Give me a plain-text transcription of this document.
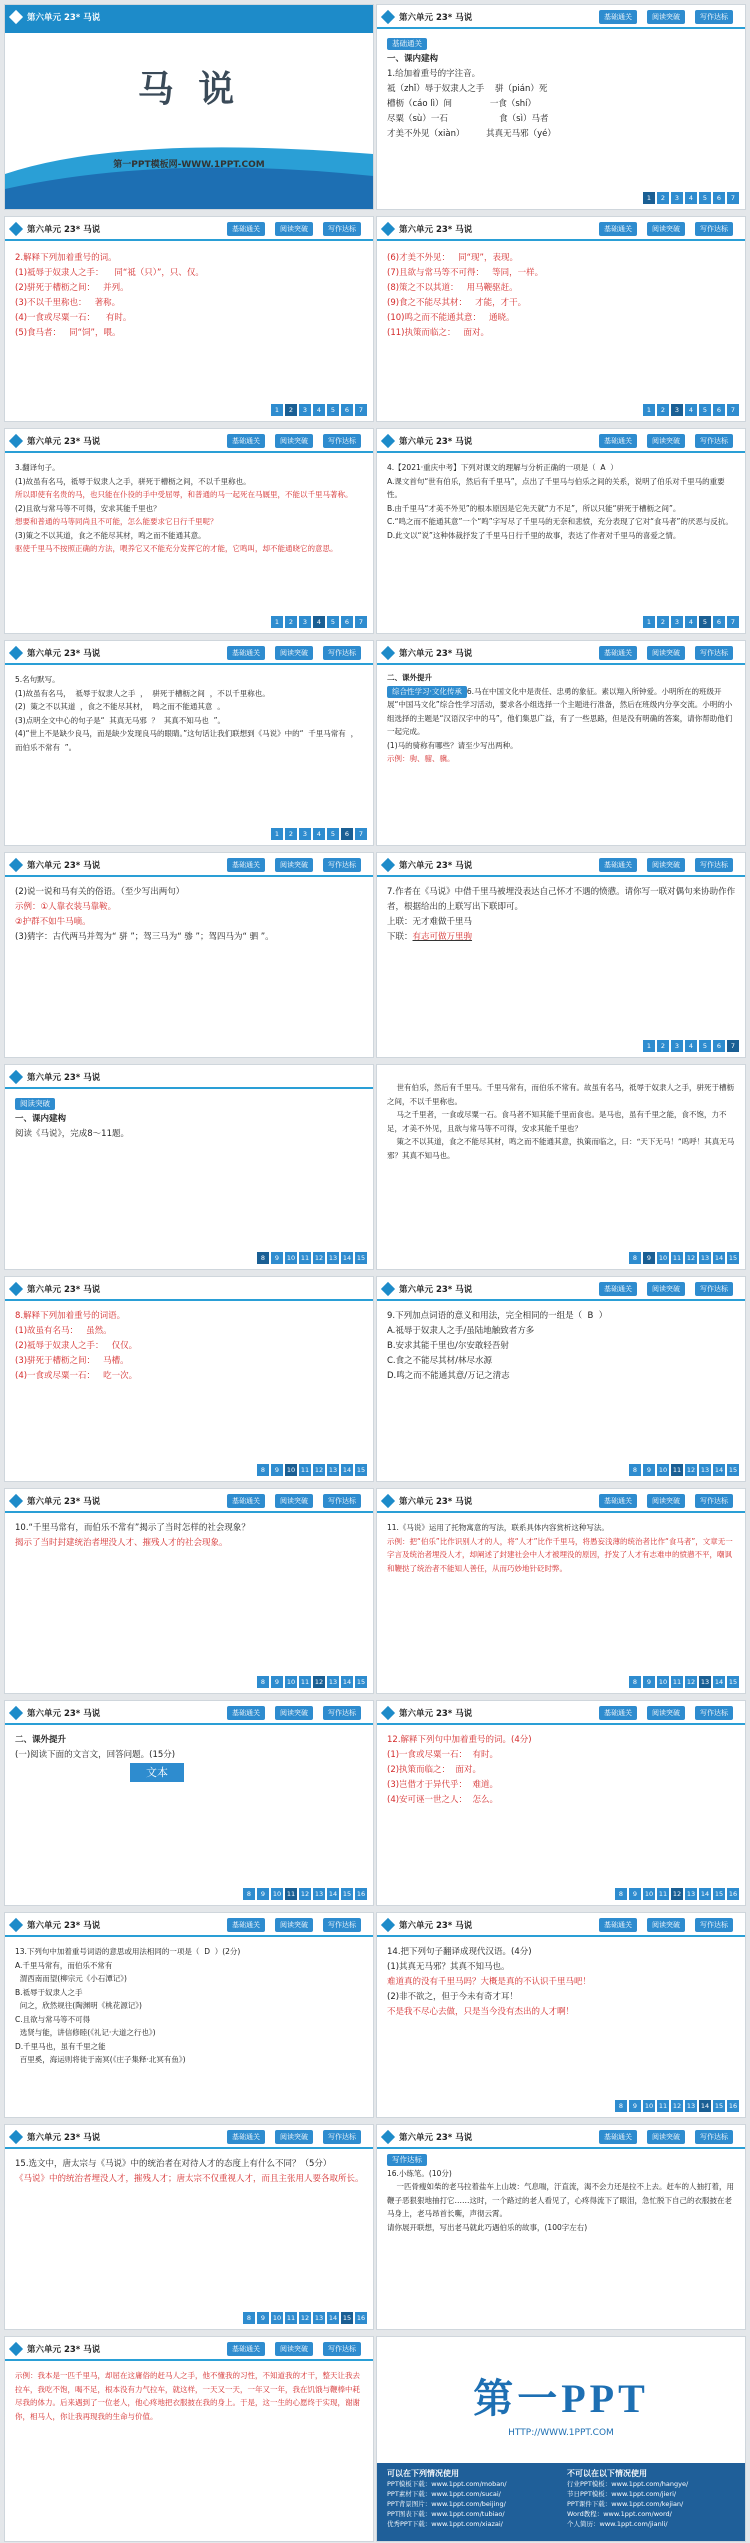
第六单元 23* 马说
马 说
第一PPT模板网-WWW.1PPT.COM
第六单元 23* 马说	基础通关	阅读突破	写作达标
基础通关
一、课内建构
1.给加着重号的字注音。
祗（zhǐ）辱于奴隶人之手    骈（pián）死
槽枥（cáo lì）间              一食（shí）
尽粟（sù）一石                   食（sì）马者
才美不外见（xiàn）        其真无马邪（yé）
1 2 3 4 5 6 7
第六单元 23* 马说	基础通关	阅读突破	写作达标
2.解释下列加着重号的词。
(1)祗辱于奴隶人之手：    同“祗（只）”，只、仅。
(2)骈死于槽枥之间：   并列。
(3)不以千里称也：   著称。
(4)一食或尽粟一石：    有时。
(5)食马者：   同“饲”，喂。
1 2 3 4 5 6 7
第六单元 23* 马说	基础通关	阅读突破	写作达标
(6)才美不外见：   同“现”，表现。
(7)且欲与常马等不可得：   等同，一样。
(8)策之不以其道：   用马鞭驱赶。
(9)食之不能尽其材：   才能，才干。
(10)鸣之而不能通其意：   通晓。
(11)执策而临之：   面对。
1 2 3 4 5 6 7
第六单元 23* 马说	基础通关	阅读突破	写作达标
3.翻译句子。
(1)故虽有名马，祗辱于奴隶人之手，骈死于槽枥之间，不以千里称也。
所以即使有名贵的马，也只能在仆役的手中受屈辱，和普通的马一起死在马厩里，不能以千里马著称。
(2)且欲与常马等不可得，安求其能千里也？
想要和普通的马等同尚且不可能，怎么能要求它日行千里呢？
(3)策之不以其道，食之不能尽其材，鸣之而不能通其意。
驱使千里马不按照正确的方法，喂养它又不能充分发挥它的才能，它鸣叫，却不能通晓它的意思。
1 2 3 4 5 6 7
第六单元 23* 马说	基础通关	阅读突破	写作达标
4.【2021·重庆中考】下列对课文的理解与分析正确的一项是（  A  ）
A.课文首句“世有伯乐，然后有千里马”，点出了千里马与伯乐之间的关系，说明了伯乐对千里马的重要性。
B.由千里马“才美不外见”的根本原因是它先天就“力不足”，所以只能“骈死于槽枥之间”。
C.“鸣之而不能通其意”一个“鸣”字写尽了千里马的无奈和悲愤，充分表现了它对“食马者”的厌恶与反抗。
D.此文以“说”这种体裁抒发了千里马日行千里的故事，表达了作者对千里马的喜爱之情。
1 2 3 4 5 6 7
第六单元 23* 马说	基础通关	阅读突破	写作达标
5.名句默写。
(1)故虽有名马，  祗辱于奴隶人之手  ，  骈死于槽枥之间  ，不以千里称也。
(2)  策之不以其道  ，食之不能尽其材，  鸣之而不能通其意  。
(3)点明全文中心的句子是“  其真无马邪  ？  其真不知马也  ”。
(4)“世上不是缺少良马，而是缺少发现良马的眼睛。”这句话让我们联想到《马说》中的“  千里马常有  ，  而伯乐不常有  ”。
1 2 3 4 5 6 7
第六单元 23* 马说	基础通关	阅读突破	写作达标
二、课外提升
综合性学习·文化传承 6.马在中国文化中是责任、忠勇的象征。素以翔入所钟爱。小明所在的班级开展“中国马文化”综合性学习活动，要求各小组选择一个主题进行准备，然后在班级内分享交流。小明的小组选择的主题是“汉语汉字中的马”，他们集思广益，有了一些思路，但是没有明确的答案，请你帮助他们一起完成。
(1)马的骑称有哪些？请至少写出两种。
示例：驹、骝、骥。
第六单元 23* 马说	基础通关	阅读突破	写作达标
(2)说一说和马有关的俗语。（至少写出两句）
示例：①人靠衣装马靠鞍。
②护群不如牛马嘀。
(3)猜字：古代两马并驾为“ 骈 ”；驾三马为“ 骖 ”；驾四马为“ 驷 ”。
第六单元 23* 马说	基础通关	阅读突破	写作达标
7.作者在《马说》中借千里马被埋没表达自己怀才不遇的愤懑。请你写一联对偶句来协助作作者，根据给出的上联写出下联即可。
上联：无才难做千里马
下联：有志可做万里驹
1 2 3 4 5 6 7
第六单元 23* 马说
阅读突破
一、课内建构
阅读《马说》，完成8～11题。
8 9 10 11 12 13 14 15
世有伯乐，然后有千里马。千里马常有，而伯乐不常有。故虽有名马，祗辱于奴隶人之手，骈死于槽枥之间，不以千里称也。
马之千里者，一食或尽粟一石。食马者不知其能千里而食也。是马也，虽有千里之能，食不饱，力不足，才美不外见，且欲与常马等不可得，安求其能千里也？
策之不以其道，食之不能尽其材，鸣之而不能通其意，执策而临之，曰：“天下无马！”呜呼！其真无马邪？其真不知马也。
8 9 10 11 12 13 14 15
第六单元 23* 马说
8.解释下列加着重号的词语。
(1)故虽有名马：   虽然。
(2)祗辱于奴隶人之手：   仅仅。
(3)骈死于槽枥之间：   马槽。
(4)一食或尽粟一石：   吃一次。
8 9 10 11 12 13 14 15
第六单元 23* 马说	基础通关	阅读突破	写作达标
9.下列加点词语的意义和用法，完全相同的一组是（  B  ）
A.祗辱于奴隶人之手/虽陆地触致者方多
B.安求其能千里也/尔安敢轻吾射
C.食之不能尽其材/林尽水源
D.鸣之而不能通其意/万记之清志
8 9 10 11 12 13 14 15
第六单元 23* 马说	基础通关	阅读突破	写作达标
10.“千里马常有，而伯乐不常有”揭示了当时怎样的社会现象？
揭示了当时封建统治者埋没人才、摧残人才的社会现象。
8 9 10 11 12 13 14 15
第六单元 23* 马说	基础通关	阅读突破	写作达标
11.《马说》运用了托物寓意的写法，联系具体内容赏析这种写法。
示例：把“伯乐”比作识别人才的人，将“人才”比作千里马，将愚妄浅薄的统治者比作“食马者”，文章无一字言及统治者埋没人才，却阐述了封建社会中人才被埋没的原因，抒发了人才有志难申的愤懑不平，嘲讽和鞭挞了统治者不能知人善任，从而巧妙地针砭时弊。
8 9 10 11 12 13 14 15
第六单元 23* 马说	基础通关	阅读突破	写作达标
二、课外提升
(一)阅读下面的文言文，回答问题。(15分)
文本
8 9 10 11 12 13 14 15 16
第六单元 23* 马说	基础通关	阅读突破	写作达标
12.解释下列句中加着重号的词。(4分)
(1)一食或尽粟一石：  有时。
(2)执策而临之：  面对。
(3)岂借才于异代乎：  难道。
(4)安可诬一世之人：  怎么。
8 9 10 11 12 13 14 15 16
第六单元 23* 马说	基础通关	阅读突破	写作达标
13.下列句中加着重号词语的意思或用法相同的一项是（  D  ）(2分)
A.千里马常有，而伯乐不常有
渭西南而望(柳宗元《小石潭记》)
B.祗辱于奴隶人之手
问之，欣然规往(陶渊明《桃花源记》)
C.且欲与常马等不可得
选贤与能，讲信修睦(《礼记·大道之行也》)
D.千里马也，虽有千里之能
百里奚，海运则将徙于南冥(《庄子集释·北冥有鱼》)
第六单元 23* 马说	基础通关	阅读突破	写作达标
14.把下列句子翻译成现代汉语。(4分)
(1)其真无马邪？其真不知马也。
难道真的没有千里马吗？大概是真的不认识千里马吧！
(2)非不欲之，但于今未有奇才耳！
不是我不尽心去做，只是当今没有杰出的人才啊！
8 9 10 11 12 13 14 15 16
第六单元 23* 马说	基础通关	阅读突破	写作达标
15.选文中，唐太宗与《马说》中的统治者在对待人才的态度上有什么不同？（5分）
《马说》中的统治者埋没人才，摧残人才；唐太宗不仅重视人才，而且主张用人要各取所长。
8 9 10 11 12 13 14 15 16
第六单元 23* 马说	基础通关	阅读突破	写作达标
写作达标
16.小练笔。(10分)
一匹骨瘦如柴的老马拉着盐车上山坡：气息喘，汗直流，渴不会力还是拉不上去。赶车的人抽打着，用鞭子恶狠狠地抽打它……这时，一个路过的老人看见了，心疼得流下了眼泪，急忙脱下自己的衣服披在老马身上，老马昂首长嘶，声彻云霄。
请你展开联想，写出老马就此巧遇伯乐的故事，(100字左右)
第六单元 23* 马说	基础通关	阅读突破	写作达标
示例：我本是一匹千里马，却屈在这庸俗的赶马人之手，他不懂我的习性，不知道我的才干，整天让我去拉车，我吃不饱，喝不足，根本没有力气拉车，就这样，一天又一天，一年又一年，我在饥饿与鞭棒中耗尽我的体力。后来遇到了一位老人，他心疼地把衣服披在我的身上。于是，这一生的心愿终于实现，谢谢你，相马人，你让我再现我的生命与价值。	第一PPT
HTTP://WWW.1PPT.COM
可以在下列情况使用
PPT模板下载：www.1ppt.com/moban/
PPT素材下载：www.1ppt.com/sucai/
PPT背景图片：www.1ppt.com/beijing/
PPT图表下载：www.1ppt.com/tubiao/
优秀PPT下载：www.1ppt.com/xiazai/
不可以在以下情况使用
行业PPT模板：www.1ppt.com/hangye/
节日PPT模板：www.1ppt.com/jieri/
PPT课件下载：www.1ppt.com/kejian/
Word教程：www.1ppt.com/word/
个人简历：www.1ppt.com/jianli/
